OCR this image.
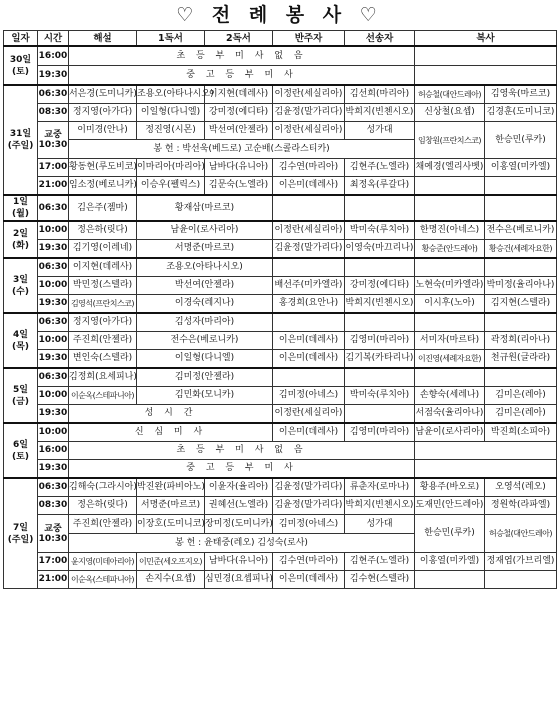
♡ 전 례 봉 사 ♡
일자	시간	해설	1독서	2독서	반주자	선송자	복사	
30일
(토)	16:00	초 등 부 미 사 없 음						
	19:30	중 고 등 부 미 사						
31일
(주일)	06:30	서은경(도미니카)	조용오(아타나시오)	이지현(데레사)	이정란(세실리아)	김선희(마리아)	허승철(대안드레아)	김영욱(마르코)
	08:30	정지영(아가다)	이일형(다니엘)	강미정(에디타)	김윤정(말가리다)	박희지(빈첸시오)	신상철(요셉)	김경훈(도미니코)
	교중
10:30	이미경(안나)	정진영(시몬)	박선여(안젤라)	이정란(세실리아)	성가대	임창원(프란치스코)	한승민(루카)
		봉 헌 : 박선욱(베드로) 고순배(스콜라스티카)						
	17:00	황동현(루도비코)	이마리아(마리아)	남바다(유니아)	김수연(마리아)	김현주(노엘라)	채예경(엘리사벳)	이홍열(미카엘)
	21:00	임소정(베로니카)	이승우(펠릭스)	김문숙(노엘라)	이은미(데레사)	최정옥(루갈다)		
1일
(월)	06:30	김은주(젬마)	황재삼(마르코)					
2일
(화)	10:00	정은하(릿다)	남윤이(로사리아)		이정란(세실리아)	박미숙(루치아)	한명진(아네스)	전수은(베로니카)
	19:30	김기영(이레네)	서명준(마르코)		김윤정(말가리다)	이영숙(마끄리나)	황승준(안드레아)	황승건(세례자요한)
3일
(수)	06:30	이지현(데레사)	조용오(아타나시오)					
	10:00	박민정(스텔라)	박선여(안젤라)		배선주(미카엘라)	강미정(에디타)	노현숙(미카엘라)	박미정(율리아나)
	19:30	김영석(프란치스코)	이경숙(레지나)		홍경희(요안나)	박희지(빈첸시오)	이시후(노아)	김지현(스텔라)
4일
(목)	06:30	정지영(아가다)	김성자(마리아)					
	10:00	주진희(안젤라)	전수은(베로니카)		이은미(데레사)	김영미(마리아)	서미자(마르타)	곽정희(리아나)
	19:30	변인숙(스텔라)	이일형(다니엘)		이은미(데레사)	김기복(카타리나)	이진영(세례자요한)	천규원(글라라)
5일
(금)	06:30	김정희(요세피나)	김미정(안젤라)					
	10:00	이순옥(스테파니아)	김민화(모니카)		김미정(아네스)	박미숙(루치아)	손향숙(세레나)	김미은(레아)
	19:30	성 시 간			이정란(세실리아)		서점숙(율리아나)	김미은(레아)
6일
(토)	10:00	신 심 미 사			이은미(데레사)	김영미(마리아)	남윤이(로사리아)	박진희(소피아)
	16:00	초 등 부 미 사 없 음						
	19:30	중 고 등 부 미 사						
7일
(주일)	06:30	김해숙(그라시아)	박진완(파비아노)	이윤자(율리아)	김윤정(말가리다)	류춘자(로마나)	황용주(바오로)	오영석(레오)
	08:30	정은하(릿다)	서명준(마르코)	권혜선(노엘라)	김윤정(말가리다)	박희지(빈첸시오)	도재민(안드레아)	정원학(라파엘)
	교중
10:30	주진희(안젤라)	이장호(도미니코)	장미정(도미니카)	김미정(아네스)	성가대	한승민(루카)	허승철(대안드레아)
		봉 헌 : 윤태중(레오) 김성숙(로사)						
	17:00	윤지영(미데아리아)	이민준(세오프지오)	남바다(유니아)	김수연(마리아)	김현주(노엘라)	이홍열(미카엘)	정재엽(가브리엘)
	21:00	이순옥(스테파니아)	손지수(요셉)	심민경(요셉피나)	이은미(데레사)	김수현(스텔라)		
